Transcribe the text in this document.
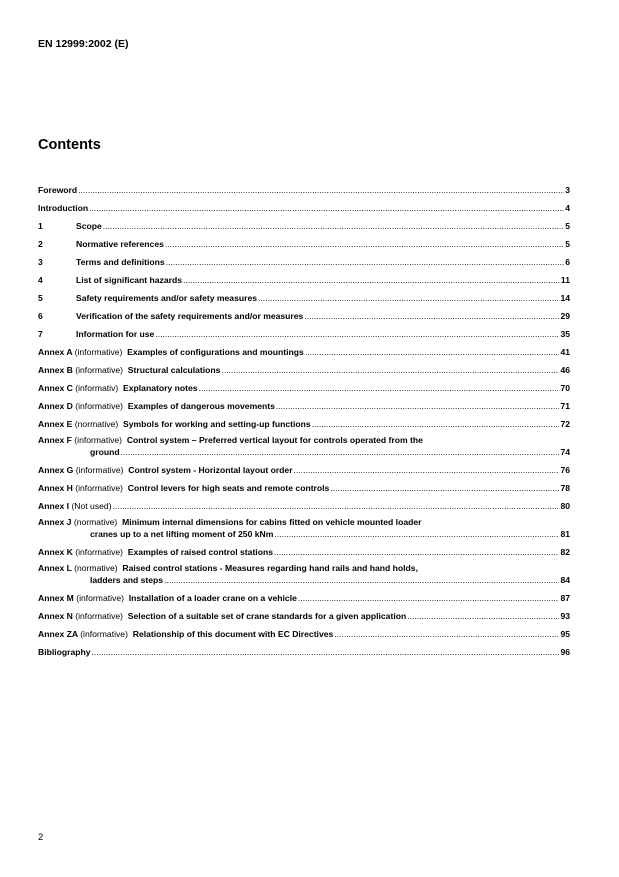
EN 12999:2002 (E)
Contents
Foreword .....	3
Introduction .....	4
1	Scope .....	5
2	Normative references .....	5
3	Terms and definitions .....	6
4	List of significant hazards .....	11
5	Safety requirements and/or safety measures .....	14
6	Verification of the safety requirements and/or measures .....	29
7	Information for use .....	35
Annex A (informative) Examples of configurations and mountings .....	41
Annex B (informative) Structural calculations .....	46
Annex C (informativ) Explanatory notes .....	70
Annex D (informative) Examples of dangerous movements .....	71
Annex E (normative) Symbols for working and setting-up functions .....	72
Annex F (informative) Control system – Preferred vertical layout for controls operated from the
ground .....	74
Annex G (informative) Control system - Horizontal layout order .....	76
Annex H (informative) Control levers for high seats and remote controls .....	78
Annex I (Not used) .....	80
Annex J (normative) Minimum internal dimensions for cabins fitted on vehicle mounted loader
cranes up to a net lifting moment of 250 kNm .....	81
Annex K (informative) Examples of raised control stations .....	82
Annex L (normative) Raised control stations - Measures regarding hand rails and hand holds,
ladders and steps .....	84
Annex M (informative) Installation of a loader crane on a vehicle .....	87
Annex N (informative) Selection of a suitable set of crane standards for a given application .....	93
Annex ZA (informative) Relationship of this document with EC Directives .....	95
Bibliography .....	96
2
